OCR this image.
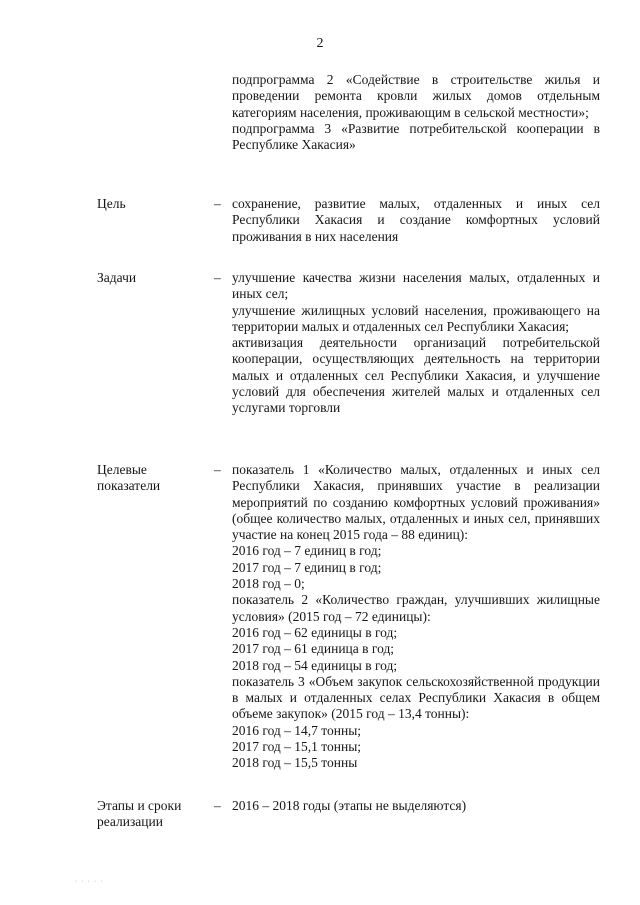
2

подпрограмма 2 «Содействие в строительстве жилья и проведении ремонта кровли жилых домов отдельным категориям населения, проживающим в сельской местности»;

подпрограмма 3 «Развитие потребительской кооперации в Республике Хакасия»

Цель	– сохранение, развитие малых, отдаленных и иных сел Республики Хакасия и создание комфортных условий проживания в них населения

Задачи	– улучшение качества жизни населения малых, отдаленных и иных сел;

улучшение жилищных условий населения, проживающего на территории малых и отдаленных сел Республики Хакасия;

активизация деятельности организаций потребительской кооперации, осуществляющих деятельность на территории малых и отдаленных сел Республики Хакасия, и улучшение условий для обеспечения жителей малых и отдаленных сел услугами торговли

Целевые показатели
– показатель 1 «Количество малых, отдаленных и иных сел Республики Хакасия, принявших участие в реализации мероприятий по созданию комфортных условий проживания» (общее количество малых, отдаленных и иных сел, принявших участие на конец 2015 года – 88 единиц):

2016 год – 7 единиц в год;

2017 год – 7 единиц в год;

2018 год – 0;

показатель 2 «Количество граждан, улучшивших жилищные условия» (2015 год – 72 единицы):

2016 год – 62 единицы в год;

2017 год – 61 единица в год;

2018 год – 54 единицы в год;

показатель 3 «Объем закупок сельскохозяйственной продукции в малых и отдаленных селах Республики Хакасия в общем объеме закупок» (2015 год – 13,4 тонны):

2016 год – 14,7 тонны;

2017 год – 15,1 тонны;

2018 год – 15,5 тонны

Этапы и сроки реализации
– 2016 – 2018 годы (этапы не выделяются)

· · · · ·
